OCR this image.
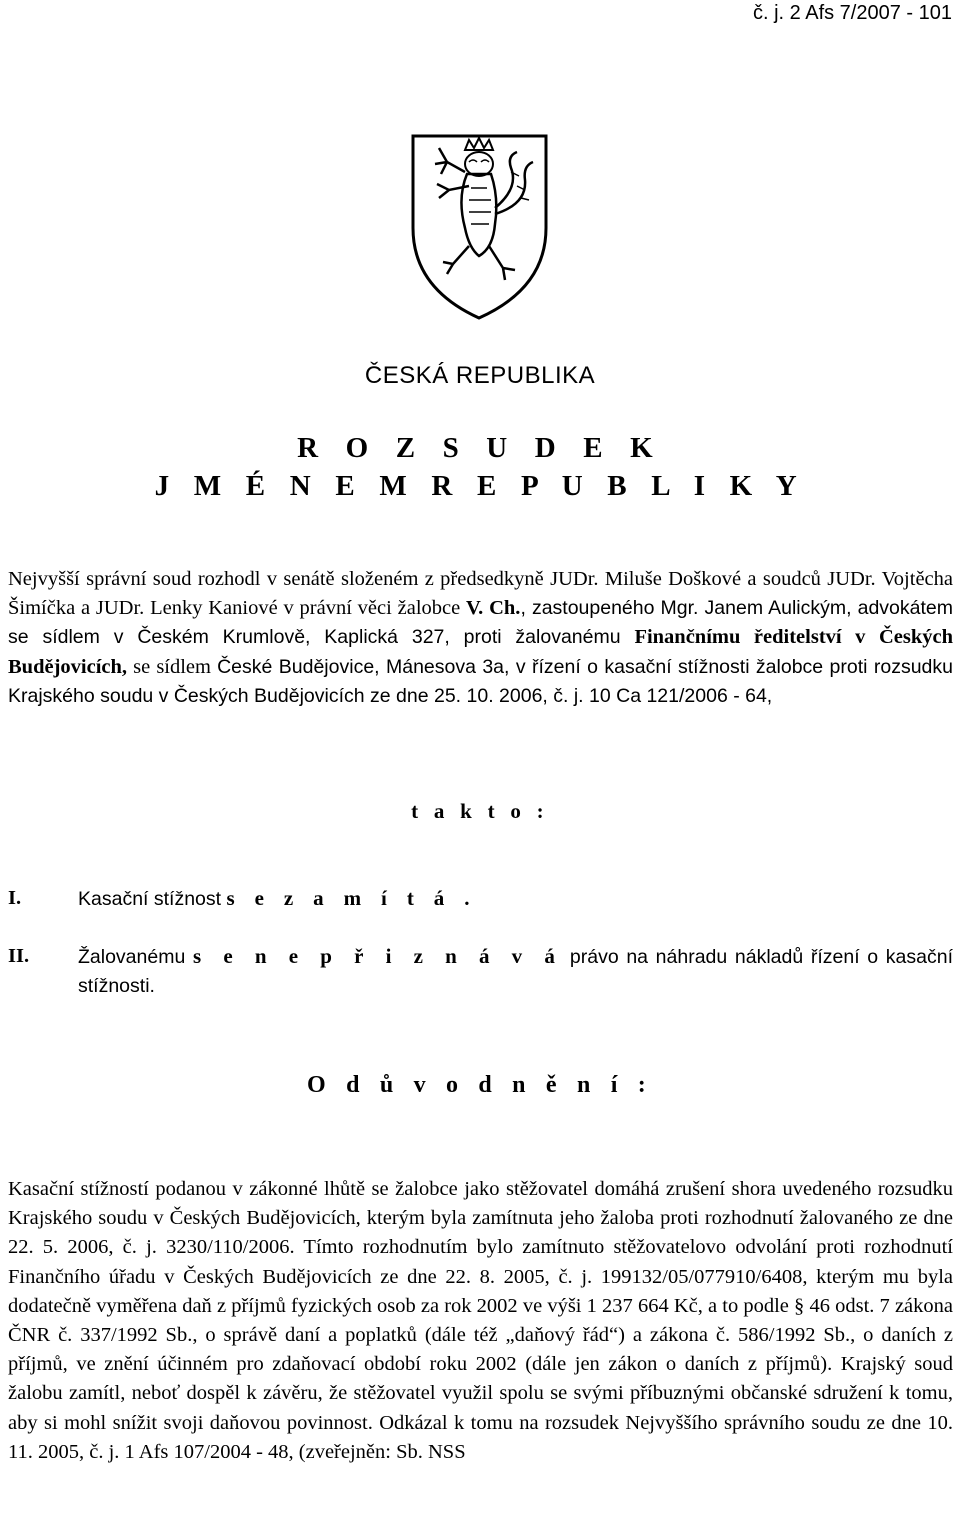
č. j. 2 Afs 7/2007 - 101
ČESKÁ REPUBLIKA
R O Z S U D E K
J M É N E M R E P U B L I K Y
Nejvyšší správní soud rozhodl v senátě složeném z předsedkyně JUDr. Miluše Doškové a soudců JUDr. Vojtěcha Šimíčka a JUDr. Lenky Kaniové v právní věci žalobce V. Ch., zastoupeného Mgr. Janem Aulickým, advokátem se sídlem v Českém Krumlově, Kaplická 327, proti žalovanému Finančnímu ředitelství v Českých Budějovicích, se sídlem České Budějovice, Mánesova 3a, v řízení o kasační stížnosti žalobce proti rozsudku Krajského soudu v Českých Budějovicích ze dne 25. 10. 2006, č. j. 10 Ca 121/2006 - 64,
t a k t o :
I.	Kasační stížnost s e z a m í t á .
II.	Žalovanému s e n e p ř i z n á v á právo na náhradu nákladů řízení o kasační stížnosti.
O d ů v o d n ě n í :
Kasační stížností podanou v zákonné lhůtě se žalobce jako stěžovatel domáhá zrušení shora uvedeného rozsudku Krajského soudu v Českých Budějovicích, kterým byla zamítnuta jeho žaloba proti rozhodnutí žalovaného ze dne 22. 5. 2006, č. j. 3230/110/2006. Tímto rozhodnutím bylo zamítnuto stěžovatelovo odvolání proti rozhodnutí Finančního úřadu v Českých Budějovicích ze dne 22. 8. 2005, č. j. 199132/05/077910/6408, kterým mu byla dodatečně vyměřena daň z příjmů fyzických osob za rok 2002 ve výši 1 237 664 Kč, a to podle § 46 odst. 7 zákona ČNR č. 337/1992 Sb., o správě daní a poplatků (dále též „daňový řád“) a zákona č. 586/1992 Sb., o daních z příjmů, ve znění účinném pro zdaňovací období roku 2002 (dále jen zákon o daních z příjmů). Krajský soud žalobu zamítl, neboť dospěl k závěru, že stěžovatel využil spolu se svými příbuznými občanské sdružení k tomu, aby si mohl snížit svoji daňovou povinnost. Odkázal k tomu na rozsudek Nejvyššího správního soudu ze dne 10. 11. 2005, č. j. 1 Afs 107/2004 - 48, (zveřejněn: Sb. NSS
